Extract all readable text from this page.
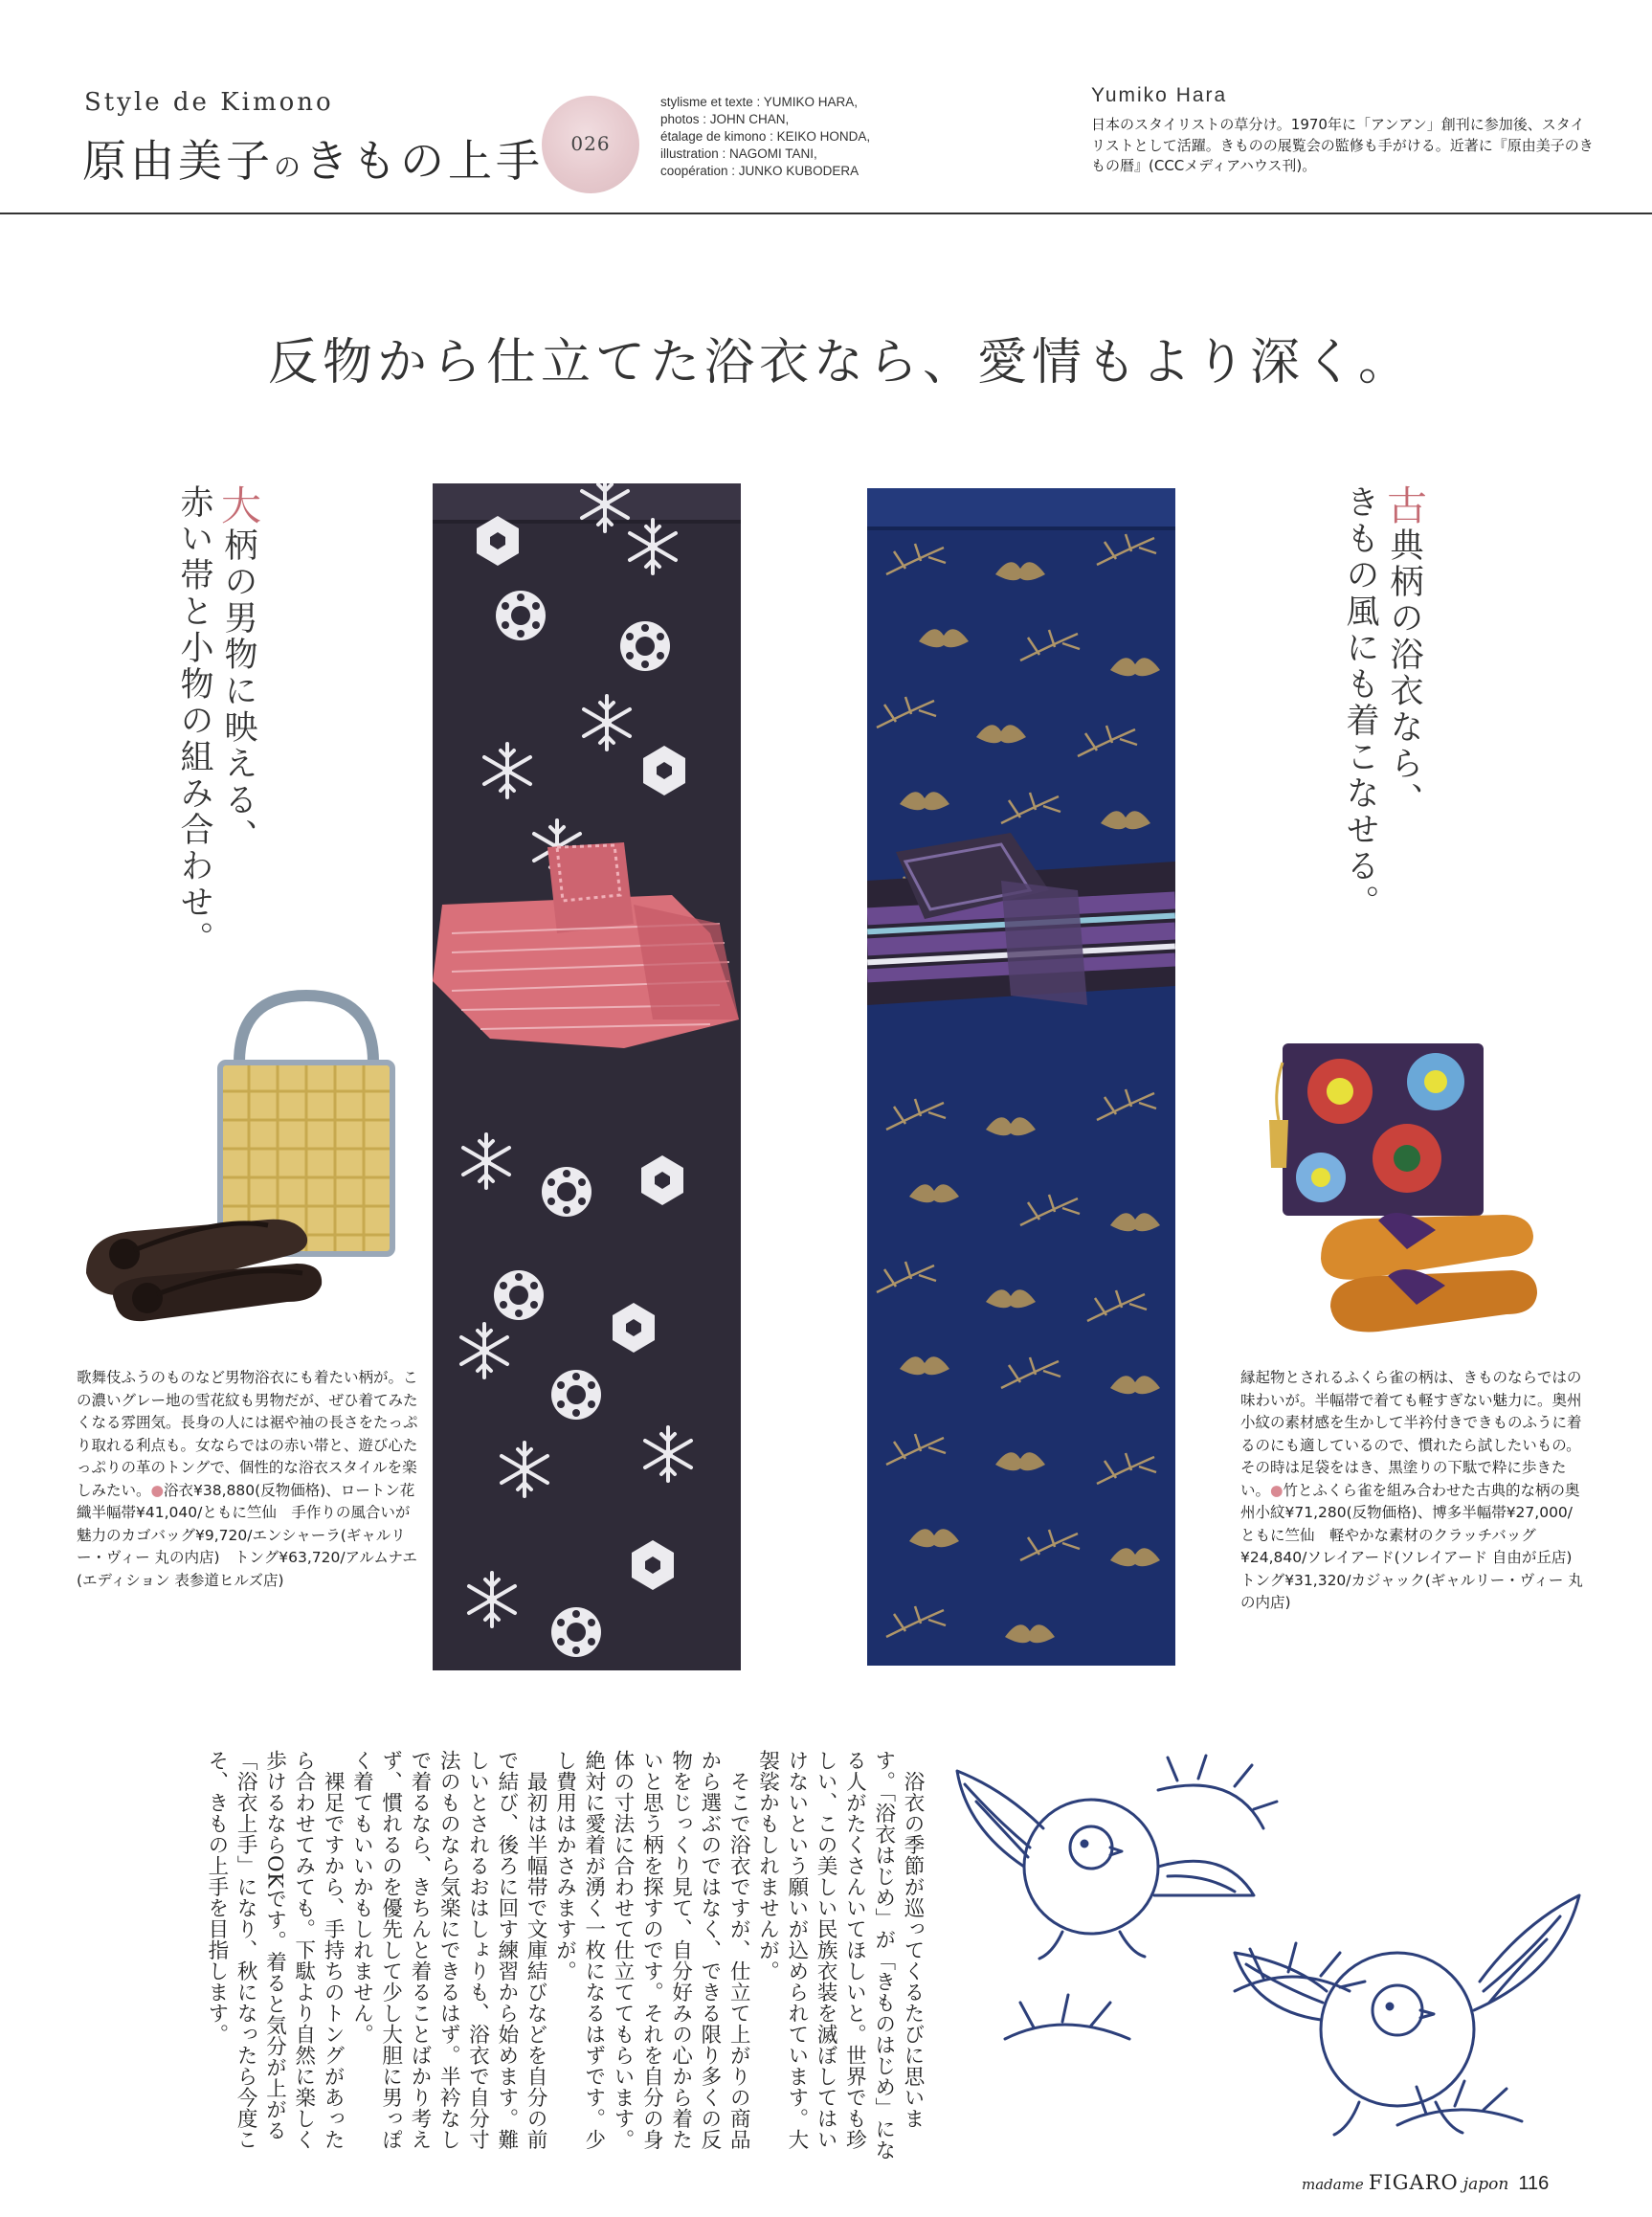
Style de Kimono
原由美子のきもの上手	026
stylisme et texte : YUMIKO HARA,
photos : JOHN CHAN,
étalage de kimono : KEIKO HONDA,
illustration : NAGOMI TANI,
coopération : JUNKO KUBODERA
Yumiko Hara
日本のスタイリストの草分け。1970年に「アンアン」創刊に参加後、スタイリストとして活躍。きものの展覧会の監修も手がける。近著に『原由美子のきもの暦』(CCCメディアハウス刊)。
反物から仕立てた浴衣なら、愛情もより深く。
大柄の男物に映える、
赤い帯と小物の組み合わせ。	古典柄の浴衣なら、
きもの風にも着こなせる。
歌舞伎ふうのものなど男物浴衣にも着たい柄が。この濃いグレー地の雪花紋も男物だが、ぜひ着てみたくなる雰囲気。長身の人には裾や袖の長さをたっぷり取れる利点も。女ならではの赤い帯と、遊び心たっぷりの革のトングで、個性的な浴衣スタイルを楽しみたい。●浴衣¥38,880(反物価格)、ロートン花織半幅帯¥41,040/ともに竺仙　手作りの風合いが魅力のカゴバッグ¥9,720/エンシャーラ(ギャルリー・ヴィー 丸の内店)　トング¥63,720/アルムナエ(エディション 表参道ヒルズ店)
縁起物とされるふくら雀の柄は、きものならではの味わいが。半幅帯で着ても軽すぎない魅力に。奥州小紋の素材感を生かして半衿付きできものふうに着るのにも適しているので、慣れたら試したいもの。その時は足袋をはき、黒塗りの下駄で粋に歩きたい。●竹とふくら雀を組み合わせた古典的な柄の奥州小紋¥71,280(反物価格)、博多半幅帯¥27,000/ともに竺仙　軽やかな素材のクラッチバッグ¥24,840/ソレイアード(ソレイアード 自由が丘店)　トング¥31,320/カジャック(ギャルリー・ヴィー 丸の内店)

浴衣の季節が巡ってくるたびに思います。「浴衣はじめ」が「きものはじめ」になる人がたくさんいてほしいと。世界でも珍しい、この美しい民族衣装を滅ぼしてはいけないという願いが込められています。大袈裟かもしれませんが。

そこで浴衣ですが、仕立て上がりの商品から選ぶのではなく、できる限り多くの反物をじっくり見て、自分好みの心から着たいと思う柄を探すのです。それを自分の身体の寸法に合わせて仕立ててもらいます。絶対に愛着が湧く一枚になるはずです。少し費用はかさみますが。

最初は半幅帯で文庫結びなどを自分の前で結び、後ろに回す練習から始めます。難しいとされるおはしょりも、浴衣で自分寸法のものなら気楽にできるはず。半衿なしで着るなら、きちんと着ることばかり考えず、慣れるのを優先して少し大胆に男っぽく着てもいいかもしれません。

裸足ですから、手持ちのトングがあったら合わせてみても。下駄より自然に楽しく歩けるならOKです。着ると気分が上がる「浴衣上手」になり、秋になったら今度こそ、きもの上手を目指します。

madame FIGARO japon 116
